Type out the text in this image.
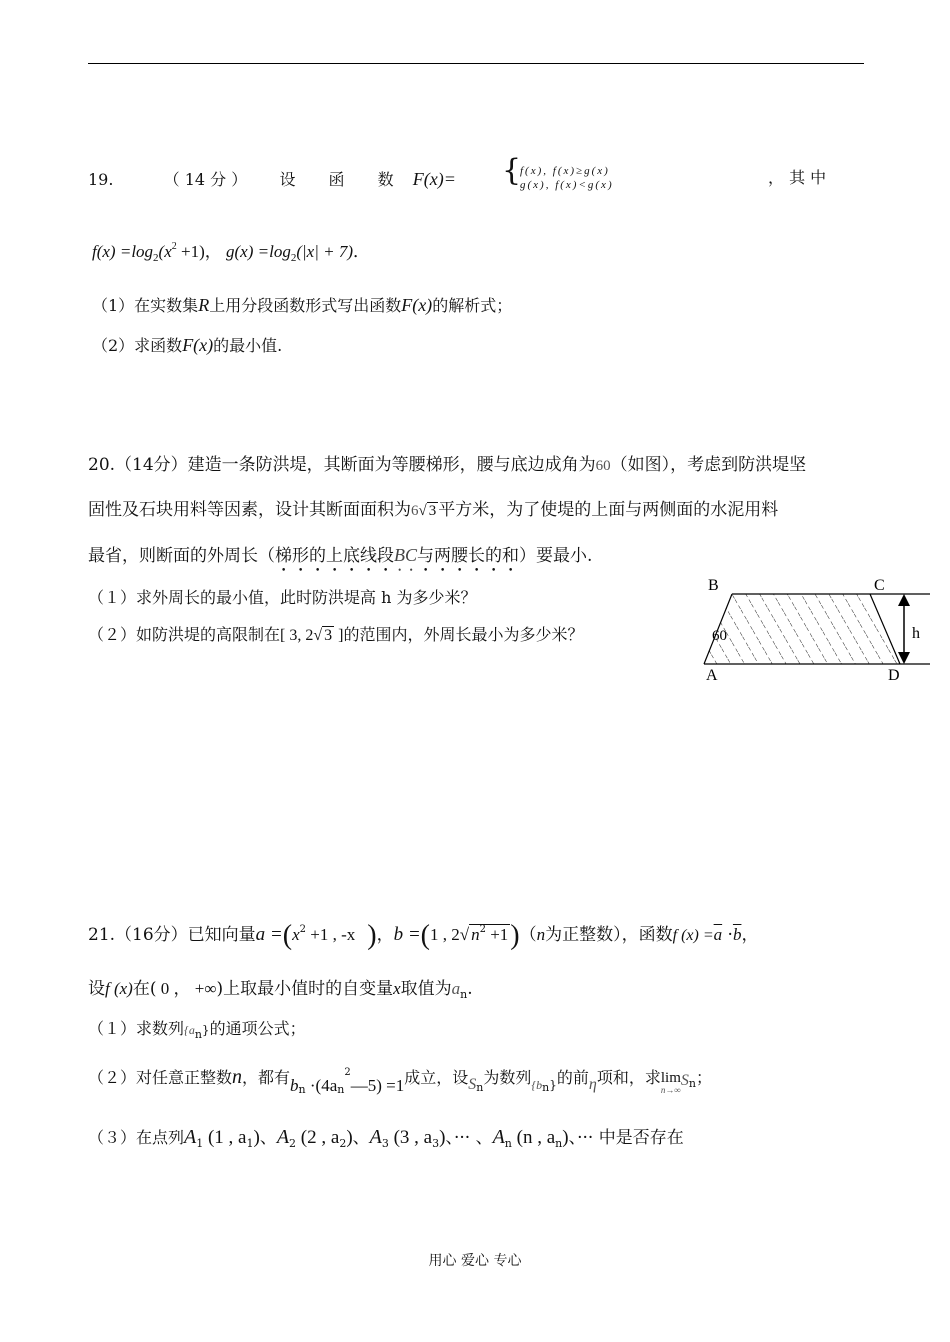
19.	（ 14 分 ） 设 函 数 F(x)= {
f(x), f(x)≥g(x)
g(x), f(x)<g(x)	， 其 中
$f(x) =\log_2(x^2 +1)$， $g(x) =\log_2(|x| + 7)$．
（1）在实数集R上用分段函数形式写出函数F(x)的解析式；
（2）求函数F(x)的最小值.
20.（14分）建造一条防洪堤，其断面为等腰梯形，腰与底边成角为60（如图），考虑到防洪堤坚
固性及石块用料等因素，设计其断面面积为6√ 3 平方米，为了使堤的上面与两侧面的水泥用料
最省，则断面的外周长（梯形的上底线段BC与两腰长的和）要最小.
（１）求外周长的最小值，此时防洪堤高 h 为多少米？
（２）如防洪堤的高限制在[ 3, 2√ 3 ]的范围内，外周长最小为多少米？
B	C
A	D
h
60
21.（16分）已知向量$a =(x^2 +1$ , -x )，b =(1 , 2√ $n^2 +1)(n$为正整数），函数f $(x) =\overline{a} \cdot\overline{b}$，
设f (x)在( 0 ， +∞)上取最小值时的自变量x取值为$a_n$.
（１）求数列$\{a_n\}$的通项公式；
（２）对任意正整数n，都有$b_n$ $\cdot(4a_n^2—5) =1$成立，设$S_n$为数列$_{\{bn\}}$的前η项和，求 lim
n→∞
$S_n$；
（３）在点列$A_1$ (1 , $a_1$)、$A_2$ (2 , $a_2$)、$A_3$ (3 , $a_3$)、··· 、$A_n$ (n , $a_n$)、··· 中是否存在
用心 爱心 专心
